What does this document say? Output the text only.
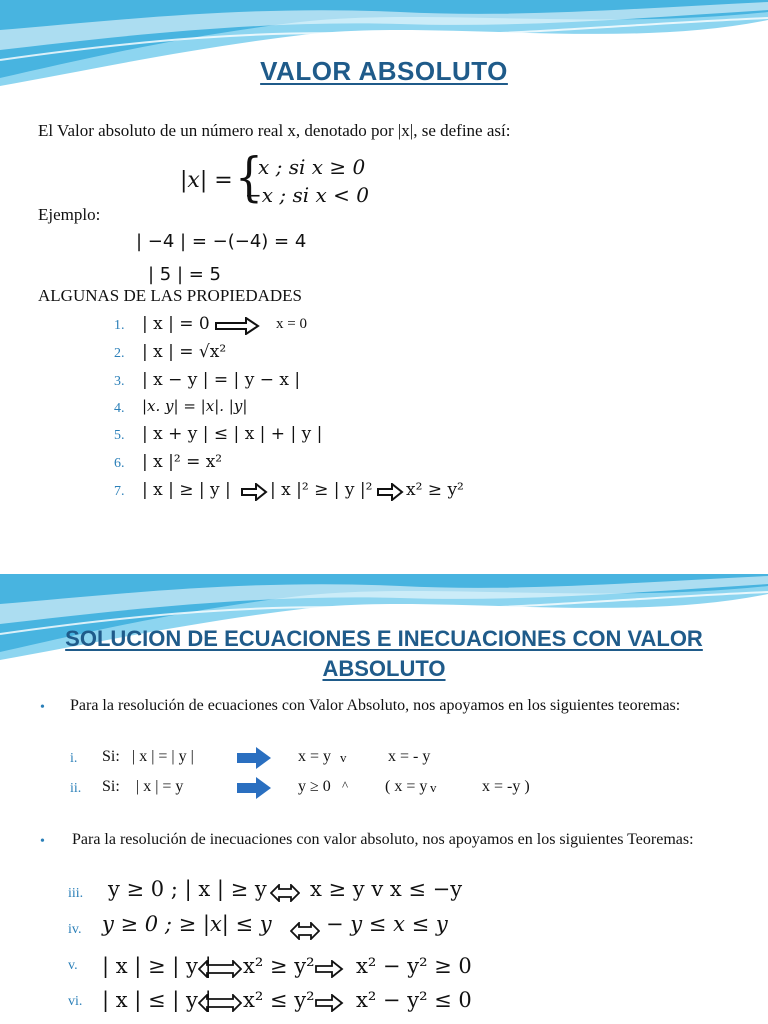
VALOR ABSOLUTO
El Valor absoluto de un número real x, denotado por |x|, se define así:
|x| = {
x ; si x ≥ 0
−x ; si x < 0
Ejemplo:
| −4 | = −(−4) = 4
| 5 | = 5
ALGUNAS DE LAS PROPIEDADES
1. | x | = 0	x = 0
2. | x | = √x²
3. | x − y | = | y − x |
4. |x. y| = |x|. |y|
5. | x + y | ≤ | x | + | y |
6. | x |² = x²
7. | x | ≥ | y | | x |² ≥ | y |² x² ≥ y²
SOLUCION DE ECUACIONES E INECUACIONES CON VALOR ABSOLUTO
• Para la resolución de ecuaciones con Valor Absoluto, nos apoyamos en los siguientes teoremas:
i. Si: | x | = | y |	x = y v	x = - y
ii. Si: | x | = y	y ≥ 0 ^ ( x = y v	x = -y )
• Para la resolución de inecuaciones con valor absoluto, nos apoyamos en los siguientes Teoremas:
iii. y ≥ 0 ; | x | ≥ y x ≥ y v x ≤ −y
iv. y ≥ 0 ; ≥ |x| ≤ y	− y ≤ x ≤ y
v. | x | ≥ | y | x² ≥ y² x² − y² ≥ 0
vi. | x | ≤ | y | x² ≤ y² x² − y² ≤ 0
